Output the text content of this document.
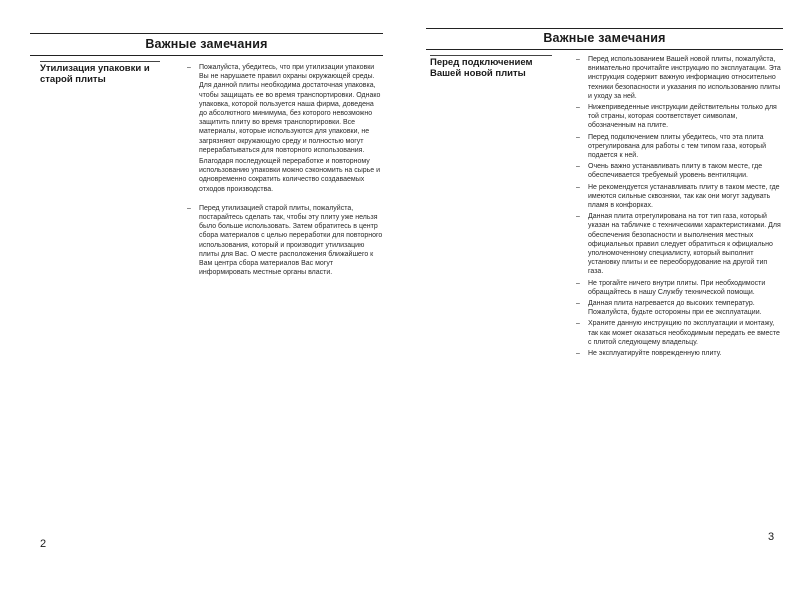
Важные замечания
Утилизация упаковки и старой плиты
–	Пожалуйста, убедитесь, что при утилизации упаковки Вы не нарушаете правил охраны окружающей среды. Для данной плиты необходима достаточная упаковка, чтобы защищать ее во время транспортировки. Однако упаковка, которой пользуется наша фирма, доведена до абсолютного минимума, без которого невозможно защитить плиту во время транспортировки. Все материалы, которые используются для упаковки, не загрязняют окружающую среду и полностью могут перерабатываться для повторного использования.
Благодаря последующей переработке и повторному использованию упаковки можно сэкономить на сырье и одновременно сократить количество создаваемых отходов производства.
–	Перед утилизацией старой плиты, пожалуйста, постарайтесь сделать так, чтобы эту плиту уже нельзя было больше использовать. Затем обратитесь в центр сбора материалов с целью переработки для повторного использования, который и производит утилизацию плиты для Вас. О месте расположения ближайшего к Вам центра сбора материалов Вас могут информировать местные органы власти.
2
Важные замечания
Перед подключением Вашей новой плиты
–	Перед использованием Вашей новой плиты, пожалуйста, внимательно прочитайте инструкцию по эксплуатации. Эта инструкция содержит важную информацию относительно техники безопасности и указания по использованию плиты и уходу за ней.
–	Нижеприведенные инструкции действительны только для той страны, которая соответствует символам, обозначенным на плите.
–	Перед подключением плиты убедитесь, что эта плита отрегулирована для работы с тем типом газа, который подается к ней.
–	Очень важно устанавливать плиту в таком месте, где обеспечивается требуемый уровень вентиляции.
–	Не рекомендуется устанавливать плиту в таком месте, где имеются сильные сквозняки, так как они могут задувать пламя в конфорках.
–	Данная плита отрегулирована на тот тип газа, который указан на табличке с техническими характеристиками. Для обеспечения безопасности и выполнения местных официальных правил следует обратиться к официально уполномоченному специалисту, который выполнит установку плиты и ее переоборудование на другой тип газа.
–	Не трогайте ничего внутри плиты. При необходимости обращайтесь в нашу Службу технической помощи.
–	Данная плита нагревается до высоких температур. Пожалуйста, будьте осторожны при ее эксплуатации.
–	Храните данную инструкцию по эксплуатации и монтажу, так как может оказаться необходимым передать ее вместе с плитой следующему владельцу.
–	Не эксплуатируйте поврежденную плиту.
3
